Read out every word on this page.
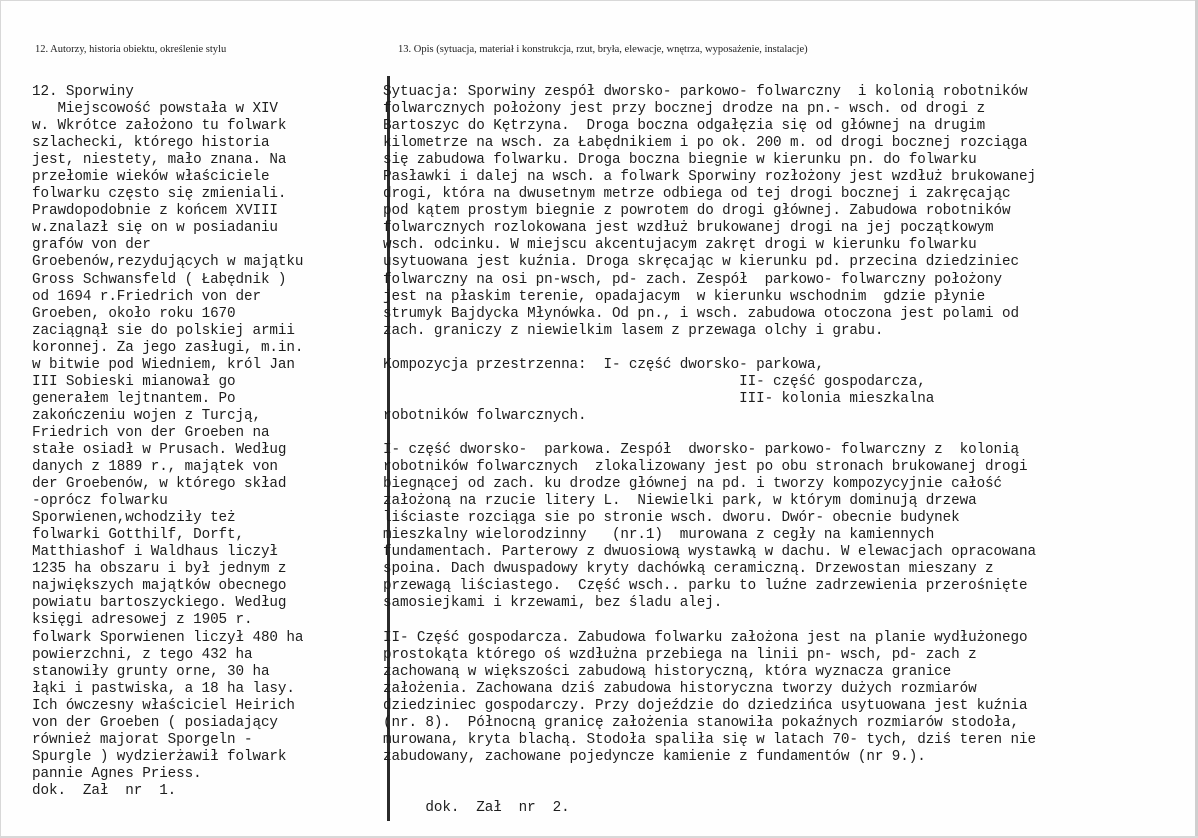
12. Autorzy, historia obiektu, określenie stylu	13. Opis (sytuacja, materiał i konstrukcja, rzut, bryła, elewacje, wnętrza, wyposażenie, instalacje)
12. Sporwiny
Miejscowość powstała w XIV
w. Wkrótce założono tu folwark
szlachecki, którego historia
jest, niestety, mało znana. Na
przełomie wieków właściciele
folwarku często się zmieniali.
Prawdopodobnie z końcem XVIII
w.znalazł się on w posiadaniu
grafów von der
Groebenów,rezydujących w majątku
Gross Schwansfeld ( Łabędnik )
od 1694 r.Friedrich von der
Groeben, około roku 1670
zaciągnął sie do polskiej armii
koronnej. Za jego zasługi, m.in.
w bitwie pod Wiedniem, król Jan
III Sobieski mianował go
generałem lejtnantem. Po
zakończeniu wojen z Turcją,
Friedrich von der Groeben na
stałe osiadł w Prusach. Według
danych z 1889 r., majątek von
der Groebenów, w którego skład
-oprócz folwarku
Sporwienen,wchodziły też
folwarki Gotthilf, Dorft,
Matthiashof i Waldhaus liczył
1235 ha obszaru i był jednym z
największych majątków obecnego
powiatu bartoszyckiego. Według
księgi adresowej z 1905 r.
folwark Sporwienen liczył 480 ha
powierzchni, z tego 432 ha
stanowiły grunty orne, 30 ha
łąki i pastwiska, a 18 ha lasy.
Ich ówczesny właściciel Heirich
von der Groeben ( posiadający
również majorat Sporgeln -
Spurgle ) wydzierżawił folwark
pannie Agnes Priess.
dok.  Zał  nr  1.
Sytuacja: Sporwiny zespół dworsko- parkowo- folwarczny  i kolonią robotników
folwarcznych położony jest przy bocznej drodze na pn.- wsch. od drogi z
Bartoszyc do Kętrzyna.  Droga boczna odgałęzia się od głównej na drugim
kilometrze na wsch. za Łabędnikiem i po ok. 200 m. od drogi bocznej rozciąga
się zabudowa folwarku. Droga boczna biegnie w kierunku pn. do folwarku
Pasławki i dalej na wsch. a folwark Sporwiny rozłożony jest wzdłuż brukowanej
drogi, która na dwusetnym metrze odbiega od tej drogi bocznej i zakręcając
pod kątem prostym biegnie z powrotem do drogi głównej. Zabudowa robotników
folwarcznych rozlokowana jest wzdłuż brukowanej drogi na jej początkowym
wsch. odcinku. W miejscu akcentujacym zakręt drogi w kierunku folwarku
usytuowana jest kuźnia. Droga skręcając w kierunku pd. przecina dziedziniec
folwarczny na osi pn-wsch, pd- zach. Zespół  parkowo- folwarczny położony
jest na płaskim terenie, opadajacym  w kierunku wschodnim  gdzie płynie
strumyk Bajdycka Młynówka. Od pn., i wsch. zabudowa otoczona jest polami od
zach. graniczy z niewielkim lasem z przewaga olchy i grabu.
Kompozycja przestrzenna:  I- część dworsko- parkowa,
II- część gospodarcza,
III- kolonia mieszkalna
robotników folwarcznych.
I- część dworsko-  parkowa. Zespół  dworsko- parkowo- folwarczny z  kolonią
robotników folwarcznych  zlokalizowany jest po obu stronach brukowanej drogi
biegnącej od zach. ku drodze głównej na pd. i tworzy kompozycyjnie całość
założoną na rzucie litery L.  Niewielki park, w którym dominują drzewa
liściaste rozciąga sie po stronie wsch. dworu. Dwór- obecnie budynek
mieszkalny wielorodzinny   (nr.1)  murowana z cegły na kamiennych
fundamentach. Parterowy z dwuosiową wystawką w dachu. W elewacjach opracowana
spoina. Dach dwuspadowy kryty dachówką ceramiczną. Drzewostan mieszany z
przewagą liściastego.  Część wsch.. parku to luźne zadrzewienia przerośnięte
samosiejkami i krzewami, bez śladu alej.
II- Część gospodarcza. Zabudowa folwarku założona jest na planie wydłużonego
prostokąta którego oś wzdłużna przebiega na linii pn- wsch, pd- zach z
zachowaną w większości zabudową historyczną, która wyznacza granice
założenia. Zachowana dziś zabudowa historyczna tworzy dużych rozmiarów
dziedziniec gospodarczy. Przy dojeździe do dziedzińca usytuowana jest kuźnia
(nr. 8).  Północną granicę założenia stanowiła pokaźnych rozmiarów stodoła,
murowana, kryta blachą. Stodoła spaliła się w latach 70- tych, dziś teren nie
zabudowany, zachowane pojedyncze kamienie z fundamentów (nr 9.).
dok.  Zał  nr  2.
